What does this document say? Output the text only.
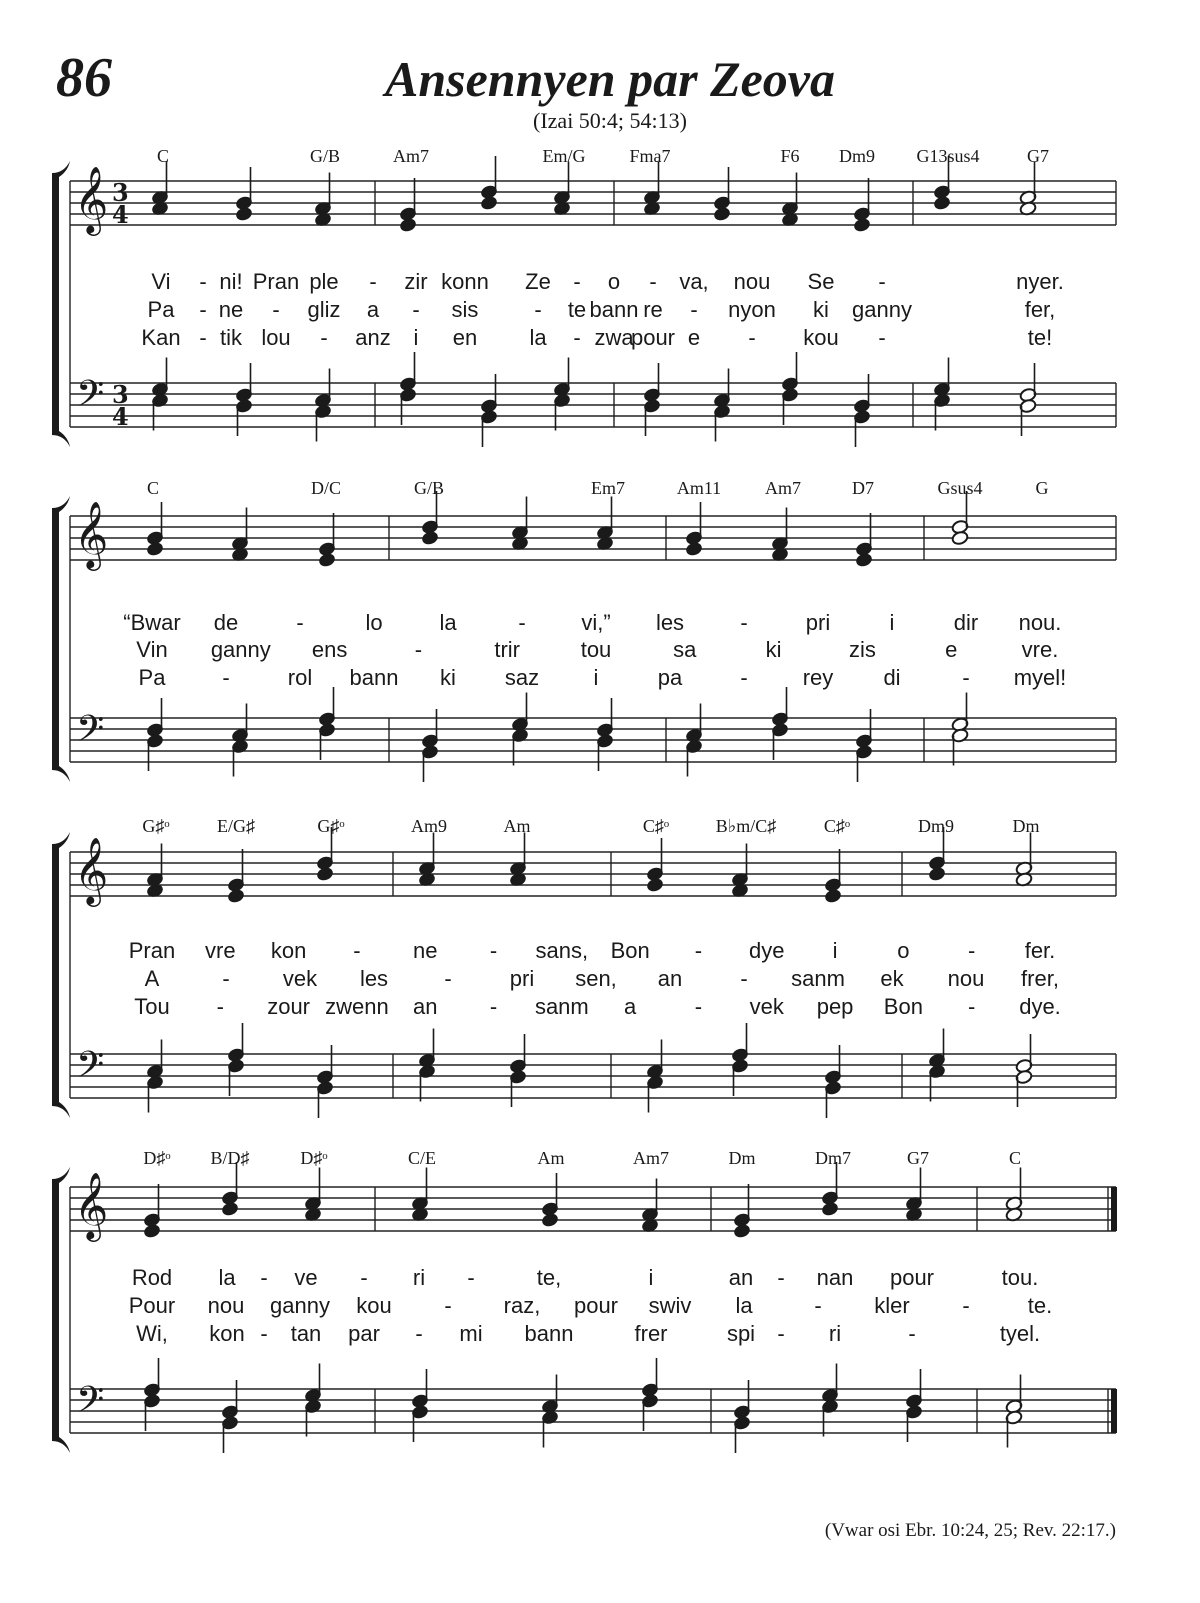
86	Ansennyen par Zeova
(Izai 50:4; 54:13)
𝄞
𝄢
3
4
3
4
𝄞
𝄢
𝄞
𝄢
𝄞
𝄢
C	G/B	Am7	Em/G Fma7	F6 Dm9 G13sus4	G7
Vi - ni! Pran ple - zir konn Ze - o - va, nou Se -	nyer.
Pa - ne - gliz a - sis	- te bann re - nyon ki ganny	fer,
Kan - tik lou - anz i en la - zwa
pour e - kou -	te!
C	D/C	G/B	Em7	Am11 Am7	D7	Gsus4	G
“Bwar de	-	lo	la	-	vi,” les	-	pri	i	dir nou.
Vin ganny ens	-	trir	tou	sa	ki	zis	e	vre.
Pa	-	rol bann ki saz i	pa	-	rey di	- myel!
G♯ᵒ	E/G♯	G♯ᵒ	Am9	Am	C♯ᵒ	B♭m/C♯	C♯ᵒ	Dm9	Dm
Pran vre kon - ne - sans, Bon - dye i	o	- fer.
A	- vek les	-	pri sen, an	- sanm ek nou frer,
Tou - zour zwenn an - sanm a	- vek pep Bon - dye.
D♯ᵒ B/D♯	D♯ᵒ	C/E	Am	Am7	Dm	Dm7	G7	C
Rod la - ve - ri -	te,	i	an - nan pour	tou.
Pour nou ganny kou - raz, pour swiv la	- kler -	te.
Wi, kon - tan par - mi bann	frer	spi - ri	-	tyel.
(Vwar osi Ebr. 10:24, 25; Rev. 22:17.)
